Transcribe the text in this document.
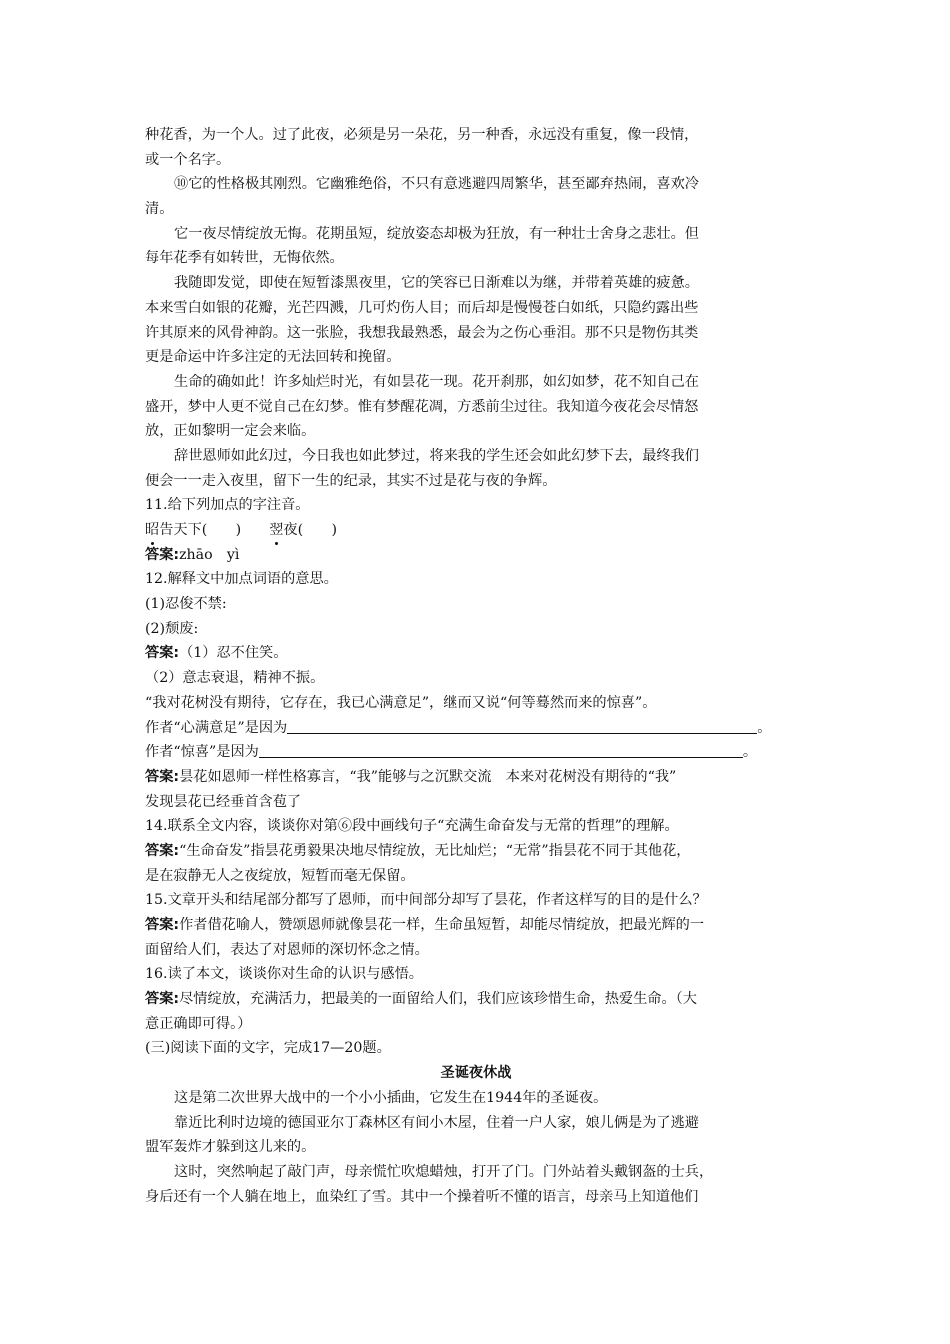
种花香，为一个人。过了此夜，必须是另一朵花，另一种香，永远没有重复，像一段情，
或一个名字。
⑩它的性格极其刚烈。它幽雅绝俗，不只有意逃避四周繁华，甚至鄙弃热闹，喜欢冷
清。
它一夜尽情绽放无悔。花期虽短，绽放姿态却极为狂放，有一种壮士舍身之悲壮。但
每年花季有如转世，无悔依然。
我随即发觉，即使在短暂漆黑夜里，它的笑容已日渐难以为继，并带着英雄的疲惫。
本来雪白如银的花瓣，光芒四溅，几可灼伤人目；而后却是慢慢苍白如纸，只隐约露出些
许其原来的风骨神韵。这一张脸，我想我最熟悉，最会为之伤心垂泪。那不只是物伤其类
更是命运中许多注定的无法回转和挽留。
生命的确如此！许多灿烂时光，有如昙花一现。花开刹那，如幻如梦，花不知自己在
盛开，梦中人更不觉自己在幻梦。惟有梦醒花凋，方悉前尘过往。我知道今夜花会尽情怒
放，正如黎明一定会来临。
辞世恩师如此幻过，今日我也如此梦过，将来我的学生还会如此幻梦下去，最终我们
便会一一走入夜里，留下一生的纪录，其实不过是花与夜的争辉。
11.给下列加点的字注音。
昭告天下(　　) 翌夜(　　)
答案:zhāo　yì
12.解释文中加点词语的意思。
(1)忍俊不禁:
(2)颓废:
答案:（1）忍不住笑。
（2）意志衰退，精神不振。
“我对花树没有期待，它存在，我已心满意足”，继而又说“何等蓦然而来的惊喜”。
作者“心满意足”是因为	。
作者“惊喜”是因为	。
答案:昙花如恩师一样性格寡言，“我”能够与之沉默交流　本来对花树没有期待的“我”
发现昙花已经垂首含苞了
14.联系全文内容，谈谈你对第⑥段中画线句子“充满生命奋发与无常的哲理”的理解。
答案:“生命奋发”指昙花勇毅果决地尽情绽放，无比灿烂；“无常”指昙花不同于其他花，
是在寂静无人之夜绽放，短暂而毫无保留。
15.文章开头和结尾部分都写了恩师，而中间部分却写了昙花，作者这样写的目的是什么？
答案:作者借花喻人，赞颂恩师就像昙花一样，生命虽短暂，却能尽情绽放，把最光辉的一
面留给人们，表达了对恩师的深切怀念之情。
16.读了本文，谈谈你对生命的认识与感悟。
答案:尽情绽放，充满活力，把最美的一面留给人们，我们应该珍惜生命，热爱生命。（大
意正确即可得。）
(三)阅读下面的文字，完成17—20题。
圣诞夜休战
这是第二次世界大战中的一个小小插曲，它发生在1944年的圣诞夜。
靠近比利时边境的德国亚尔丁森林区有间小木屋，住着一户人家，娘儿俩是为了逃避
盟军轰炸才躲到这儿来的。
这时，突然响起了敲门声，母亲慌忙吹熄蜡烛，打开了门。门外站着头戴钢盔的士兵，
身后还有一个人躺在地上，血染红了雪。其中一个操着听不懂的语言，母亲马上知道他们
